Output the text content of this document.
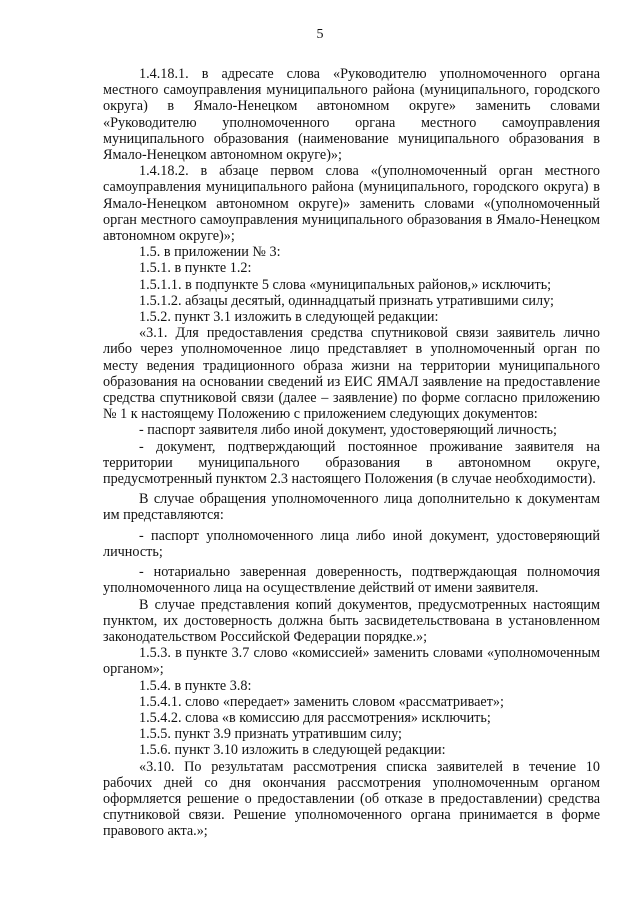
5

1.4.18.1. в адресате слова «Руководителю уполномоченного органа местного самоуправления муниципального района (муниципального, городского округа) в Ямало-Ненецком автономном округе» заменить словами «Руководителю уполномоченного органа местного самоуправления муниципального образования (наименование муниципального образования в Ямало-Ненецком автономном округе)»;

1.4.18.2. в абзаце первом слова «(уполномоченный орган местного самоуправления муниципального района (муниципального, городского округа) в Ямало-Ненецком автономном округе)» заменить словами «(уполномоченный орган местного самоуправления муниципального образования в Ямало-Ненецком автономном округе)»;

1.5. в приложении № 3:

1.5.1. в пункте 1.2:

1.5.1.1. в подпункте 5 слова «муниципальных районов,» исключить;

1.5.1.2. абзацы десятый, одиннадцатый признать утратившими силу;

1.5.2. пункт 3.1 изложить в следующей редакции:

«3.1. Для предоставления средства спутниковой связи заявитель лично либо через уполномоченное лицо представляет в уполномоченный орган по месту ведения традиционного образа жизни на территории муниципального образования на основании сведений из ЕИС ЯМАЛ заявление на предоставление средства спутниковой связи (далее – заявление) по форме согласно приложению № 1 к настоящему Положению с приложением следующих документов:

- паспорт заявителя либо иной документ, удостоверяющий личность;

- документ, подтверждающий постоянное проживание заявителя на территории муниципального образования в автономном округе, предусмотренный пунктом 2.3 настоящего Положения (в случае необходимости).

В случае обращения уполномоченного лица дополнительно к документам им представляются:

- паспорт уполномоченного лица либо иной документ, удостоверяющий личность;

- нотариально заверенная доверенность, подтверждающая полномочия уполномоченного лица на осуществление действий от имени заявителя.

В случае представления копий документов, предусмотренных настоящим пунктом, их достоверность должна быть засвидетельствована в установленном законодательством Российской Федерации порядке.»;

1.5.3. в пункте 3.7 слово «комиссией» заменить словами «уполномоченным органом»;

1.5.4. в пункте 3.8:

1.5.4.1. слово «передает» заменить словом «рассматривает»;

1.5.4.2. слова «в комиссию для рассмотрения» исключить;

1.5.5. пункт 3.9 признать утратившим силу;

1.5.6. пункт 3.10 изложить в следующей редакции:

«3.10. По результатам рассмотрения списка заявителей в течение 10 рабочих дней со дня окончания рассмотрения уполномоченным органом оформляется решение о предоставлении (об отказе в предоставлении) средства спутниковой связи. Решение уполномоченного органа принимается в форме правового акта.»;
